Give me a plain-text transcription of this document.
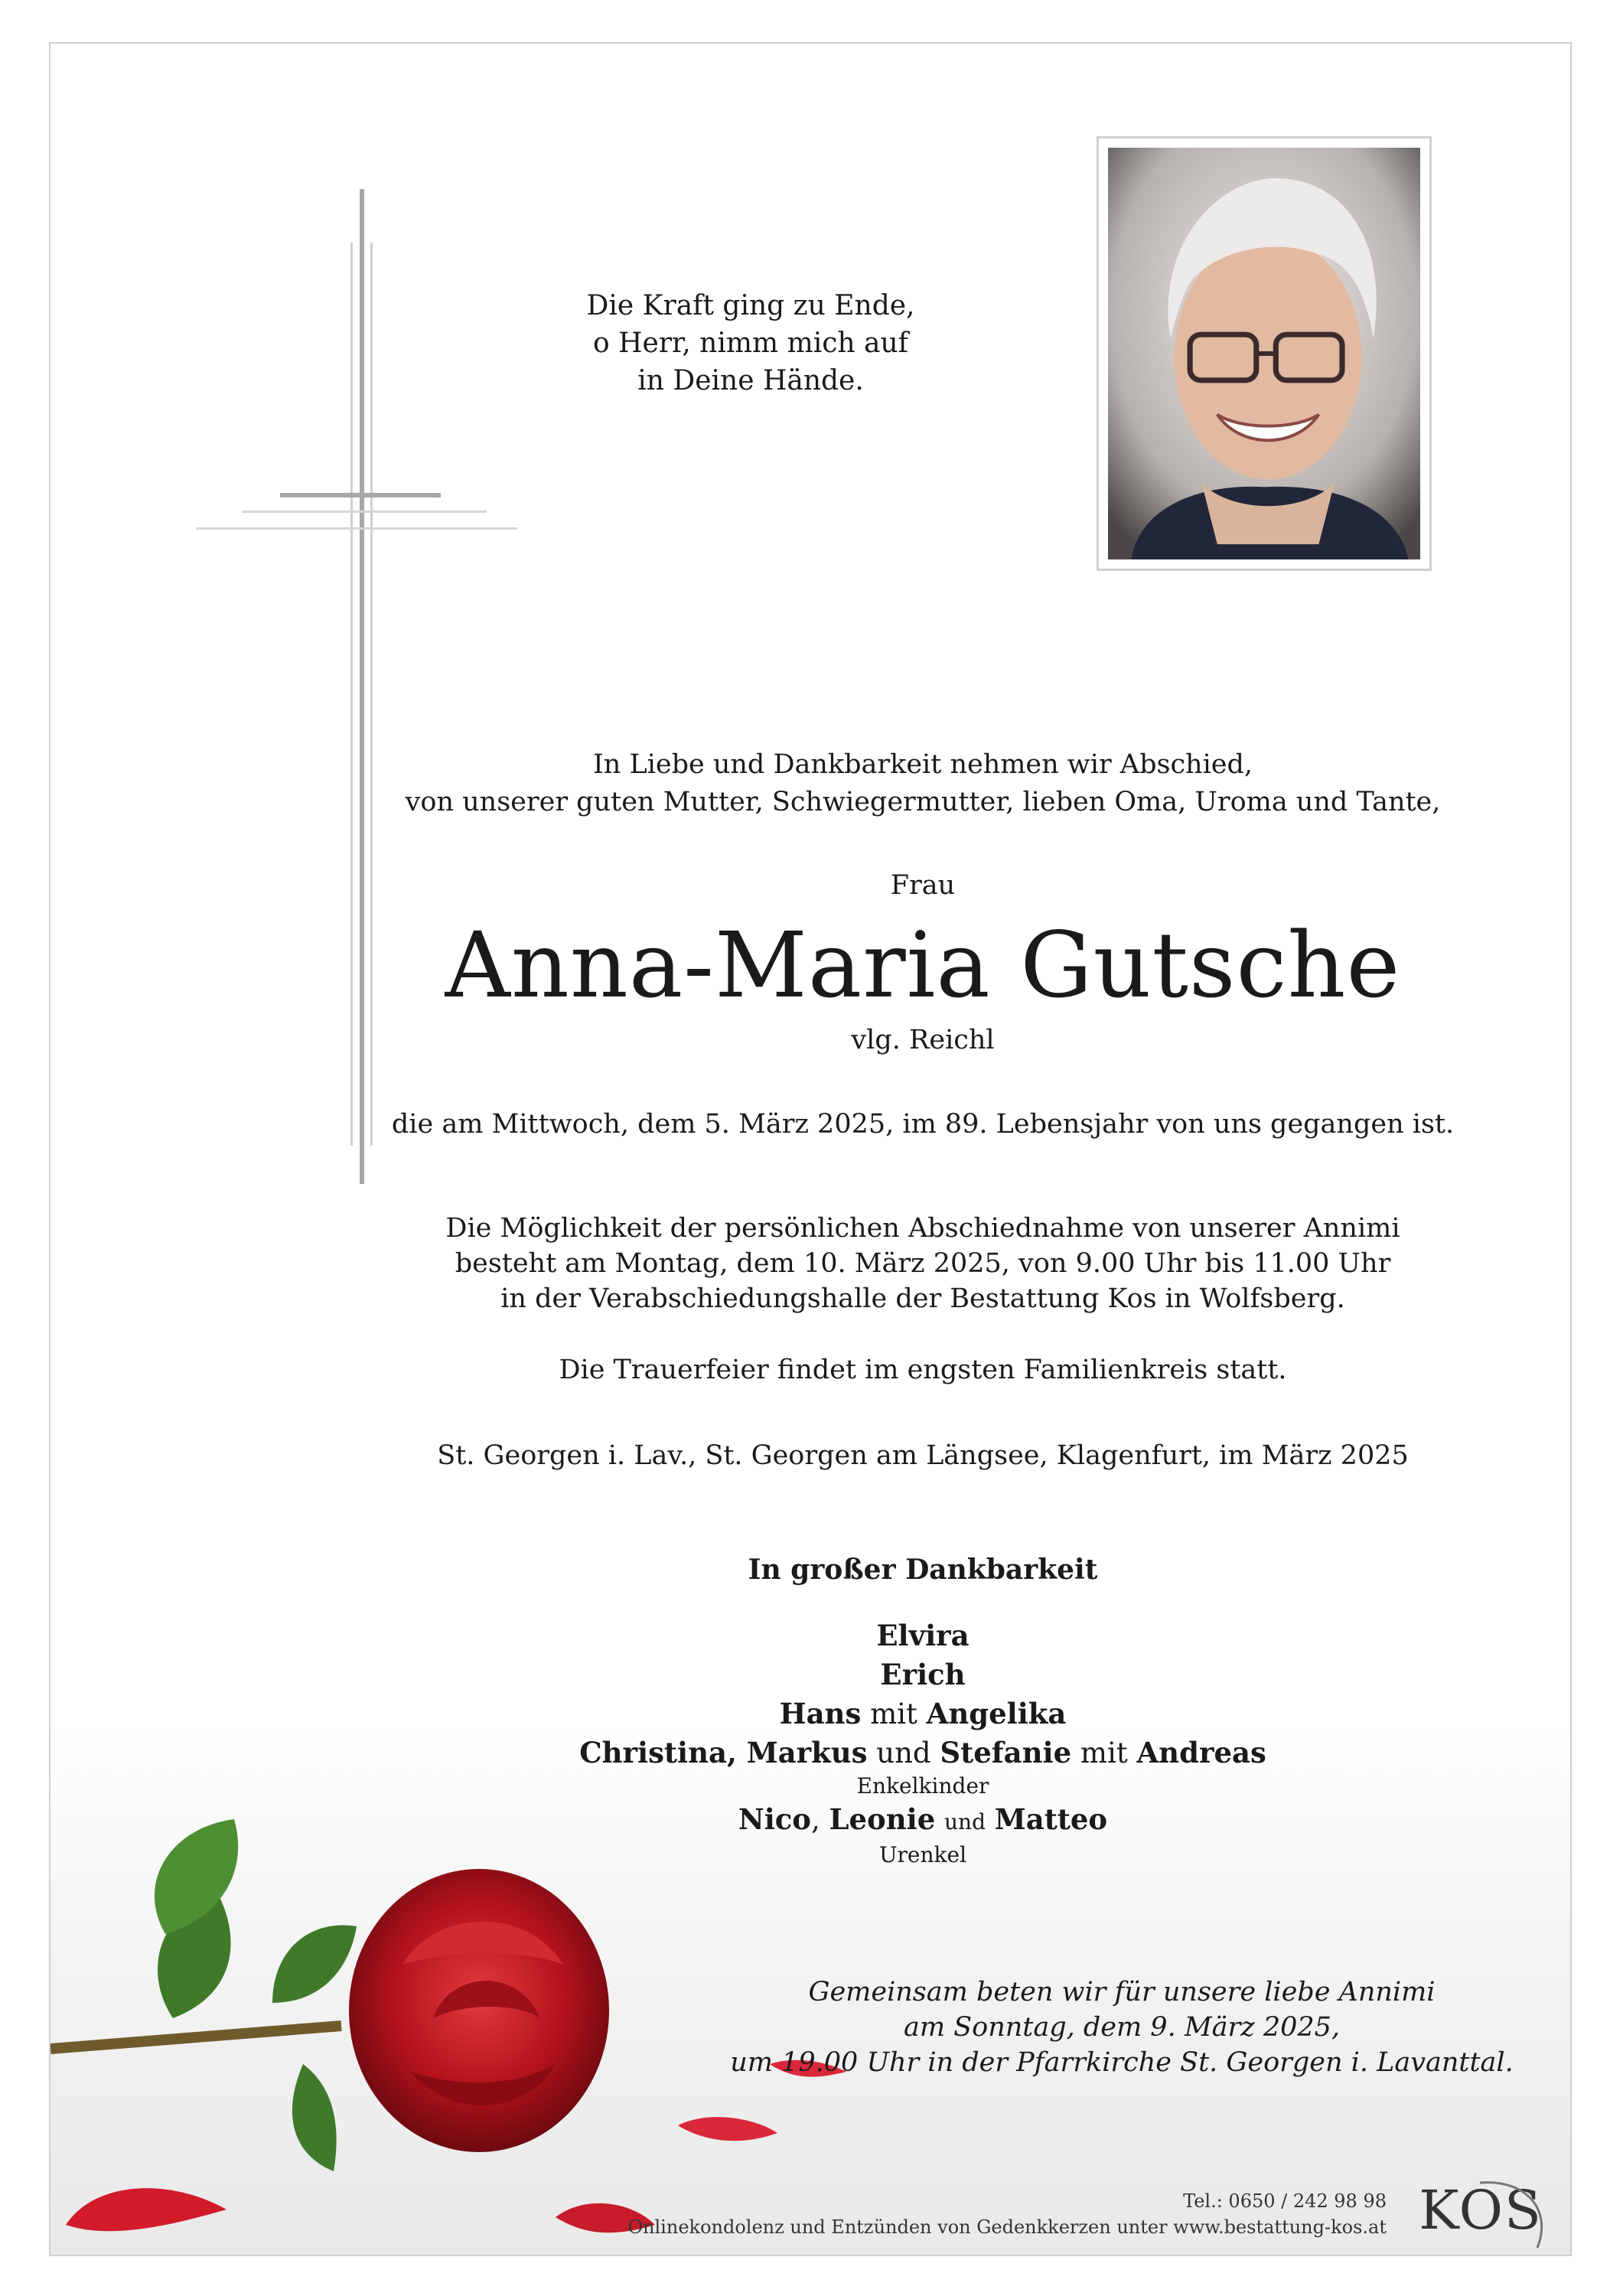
Die Kraft ging zu Ende,
o Herr, nimm mich auf
in Deine Hände.
In Liebe und Dankbarkeit nehmen wir Abschied,
von unserer guten Mutter, Schwiegermutter, lieben Oma, Uroma und Tante,
Frau
Anna-Maria Gutsche
vlg. Reichl
die am Mittwoch, dem 5. März 2025, im 89. Lebensjahr von uns gegangen ist.
Die Möglichkeit der persönlichen Abschiednahme von unserer Annimi
besteht am Montag, dem 10. März 2025, von 9.00 Uhr bis 11.00 Uhr
in der Verabschiedungshalle der Bestattung Kos in Wolfsberg.
Die Trauerfeier findet im engsten Familienkreis statt.
St. Georgen i. Lav., St. Georgen am Längsee, Klagenfurt, im März 2025
In großer Dankbarkeit
Elvira
Erich
Hans mit Angelika
Christina, Markus und Stefanie mit Andreas
Enkelkinder
Nico, Leonie und Matteo
Urenkel
Gemeinsam beten wir für unsere liebe Annimi
am Sonntag, dem 9. März 2025,
um 19.00 Uhr in der Pfarrkirche St. Georgen i. Lavanttal.
Tel.: 0650 / 242 98 98
Onlinekondolenz und Entzünden von Gedenkkerzen unter www.bestattung-kos.at KOS
